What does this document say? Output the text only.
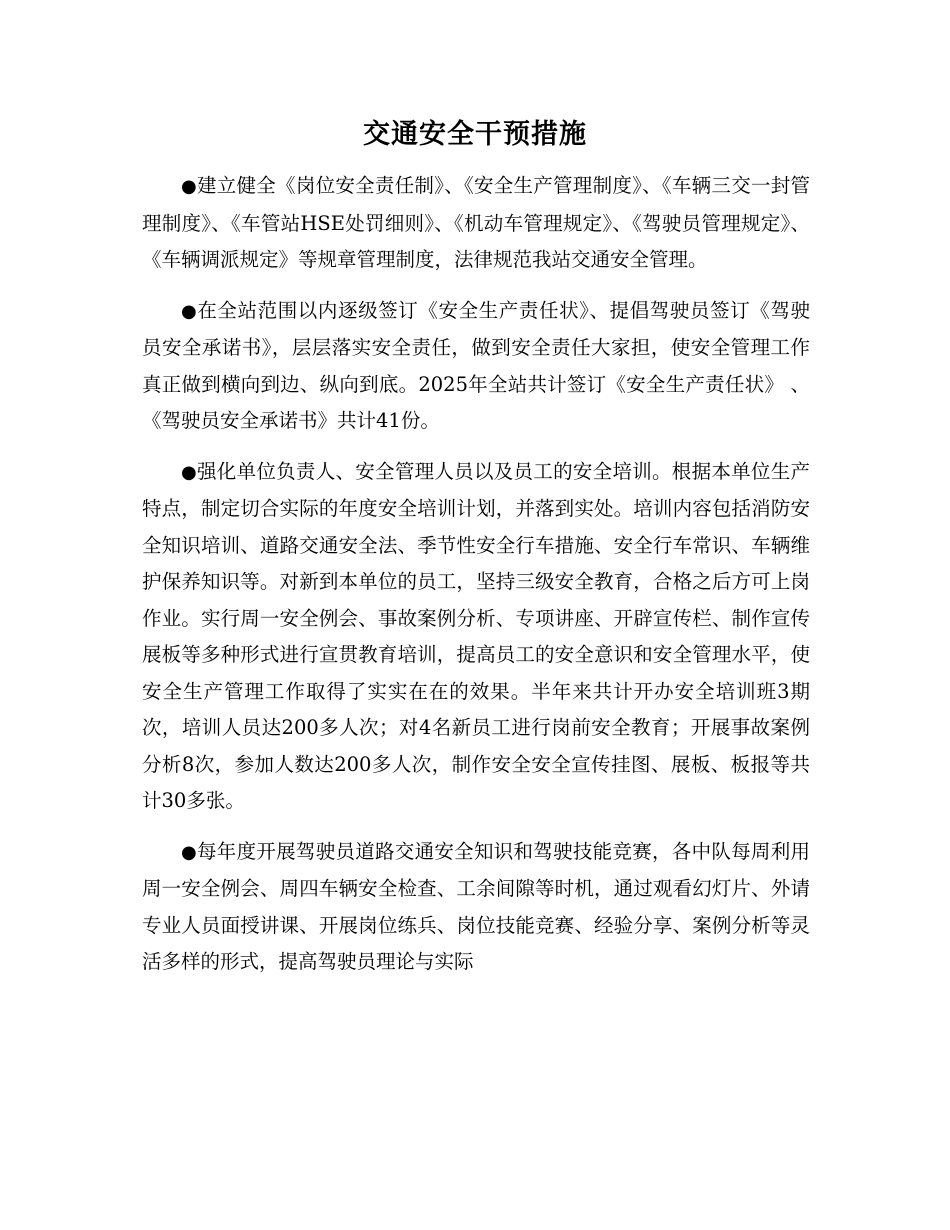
交通安全干预措施

●建立健全《岗位安全责任制》、《安全生产管理制度》、《车辆三交一封管理制度》、《车管站HSE处罚细则》、《机动车管理规定》、《驾驶员管理规定》、《车辆调派规定》等规章管理制度，法律规范我站交通安全管理。

●在全站范围以内逐级签订《安全生产责任状》、提倡驾驶员签订《驾驶员安全承诺书》，层层落实安全责任，做到安全责任大家担，使安全管理工作真正做到横向到边、纵向到底。2025年全站共计签订《安全生产责任状》 、《驾驶员安全承诺书》共计41份。

●强化单位负责人、安全管理人员以及员工的安全培训。根据本单位生产特点，制定切合实际的年度安全培训计划，并落到实处。培训内容包括消防安全知识培训、道路交通安全法、季节性安全行车措施、安全行车常识、车辆维护保养知识等。对新到本单位的员工，坚持三级安全教育，合格之后方可上岗作业。实行周一安全例会、事故案例分析、专项讲座、开辟宣传栏、制作宣传展板等多种形式进行宣贯教育培训，提高员工的安全意识和安全管理水平，使安全生产管理工作取得了实实在在的效果。半年来共计开办安全培训班3期次，培训人员达200多人次；对4名新员工进行岗前安全教育；开展事故案例分析8次，参加人数达200多人次，制作安全安全宣传挂图、展板、板报等共计30多张。

●每年度开展驾驶员道路交通安全知识和驾驶技能竞赛，各中队每周利用周一安全例会、周四车辆安全检查、工余间隙等时机，通过观看幻灯片、外请专业人员面授讲课、开展岗位练兵、岗位技能竞赛、经验分享、案例分析等灵活多样的形式，提高驾驶员理论与实际
